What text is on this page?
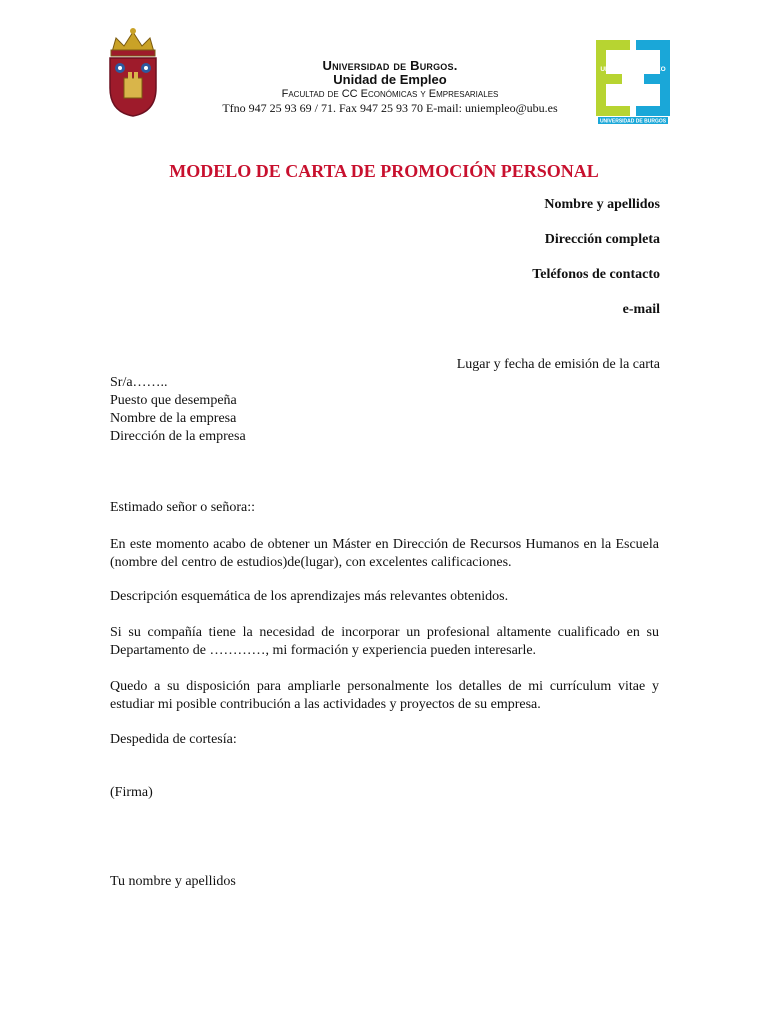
Universidad de Burgos.
Unidad de Empleo
Facultad de CC Económicas y Empresariales
Tfno 947 25 93 69 / 71. Fax 947 25 93 70 E-mail: uniempleo@ubu.es
UNIDAD DE EMPLEO
UNIVERSIDAD DE BURGOS
MODELO DE CARTA DE PROMOCIÓN PERSONAL
Nombre y apellidos
Dirección completa
Teléfonos de contacto
e-mail
Lugar y fecha de emisión de la carta
Sr/a……..
Puesto que desempeña
Nombre de la empresa
Dirección de la empresa
Estimado señor o señora::
En este momento acabo de obtener un Máster en Dirección de Recursos Humanos en la Escuela (nombre del centro de estudios)de(lugar), con excelentes calificaciones.
Descripción esquemática de los aprendizajes más relevantes obtenidos.
Si su compañía tiene la necesidad de incorporar un profesional altamente cualificado en su Departamento de …………, mi formación y experiencia pueden interesarle.
Quedo a su disposición para ampliarle personalmente los detalles de mi currículum vitae y estudiar mi posible contribución a las actividades y proyectos de su empresa.
Despedida de cortesía:
(Firma)
Tu nombre y apellidos
